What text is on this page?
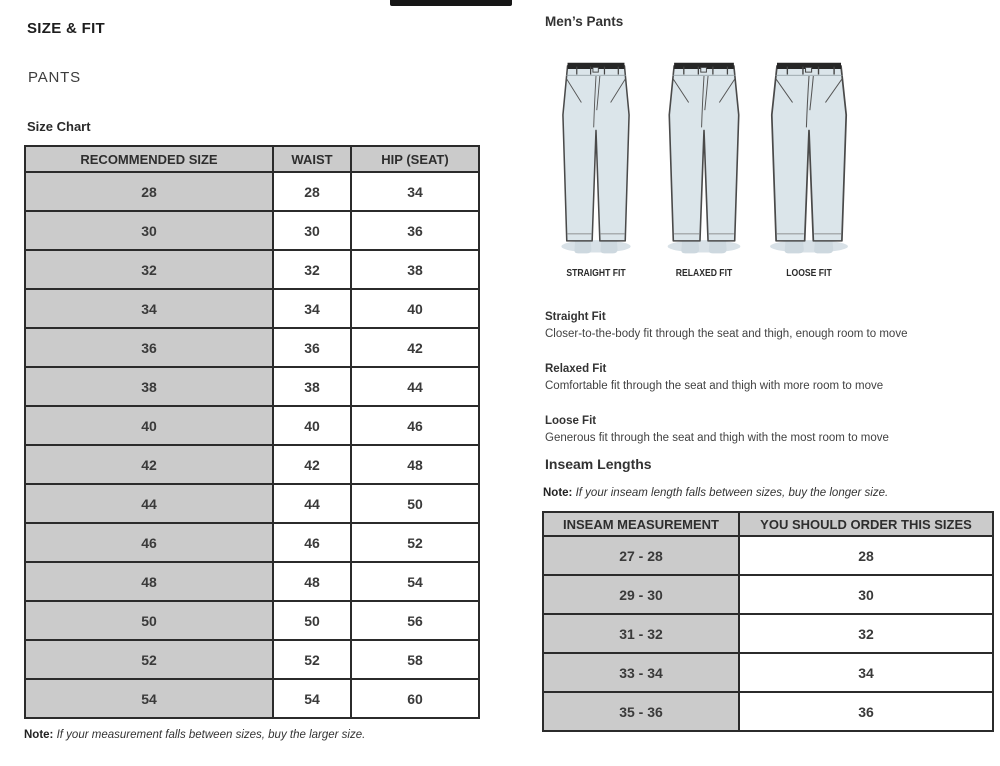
SIZE & FIT
PANTS
Size Chart
RECOMMENDED SIZE	WAIST	HIP (SEAT)
28	28	34
30	30	36
32	32	38
34	34	40
36	36	42
38	38	44
40	40	46
42	42	48
44	44	50
46	46	52
48	48	54
50	50	56
52	52	58
54	54	60

Note: If your measurement falls between sizes, buy the larger size.

Men’s Pants
STRAIGHT FIT	RELAXED FIT	LOOSE FIT
Straight Fit
Closer-to-the-body fit through the seat and thigh, enough room to move
Relaxed Fit
Comfortable fit through the seat and thigh with more room to move
Loose Fit
Generous fit through the seat and thigh with the most room to move
Inseam Lengths

Note: If your inseam length falls between sizes, buy the longer size.

INSEAM MEASUREMENT	YOU SHOULD ORDER THIS SIZES
27 - 28	28
29 - 30	30
31 - 32	32
33 - 34	34
35 - 36	36
